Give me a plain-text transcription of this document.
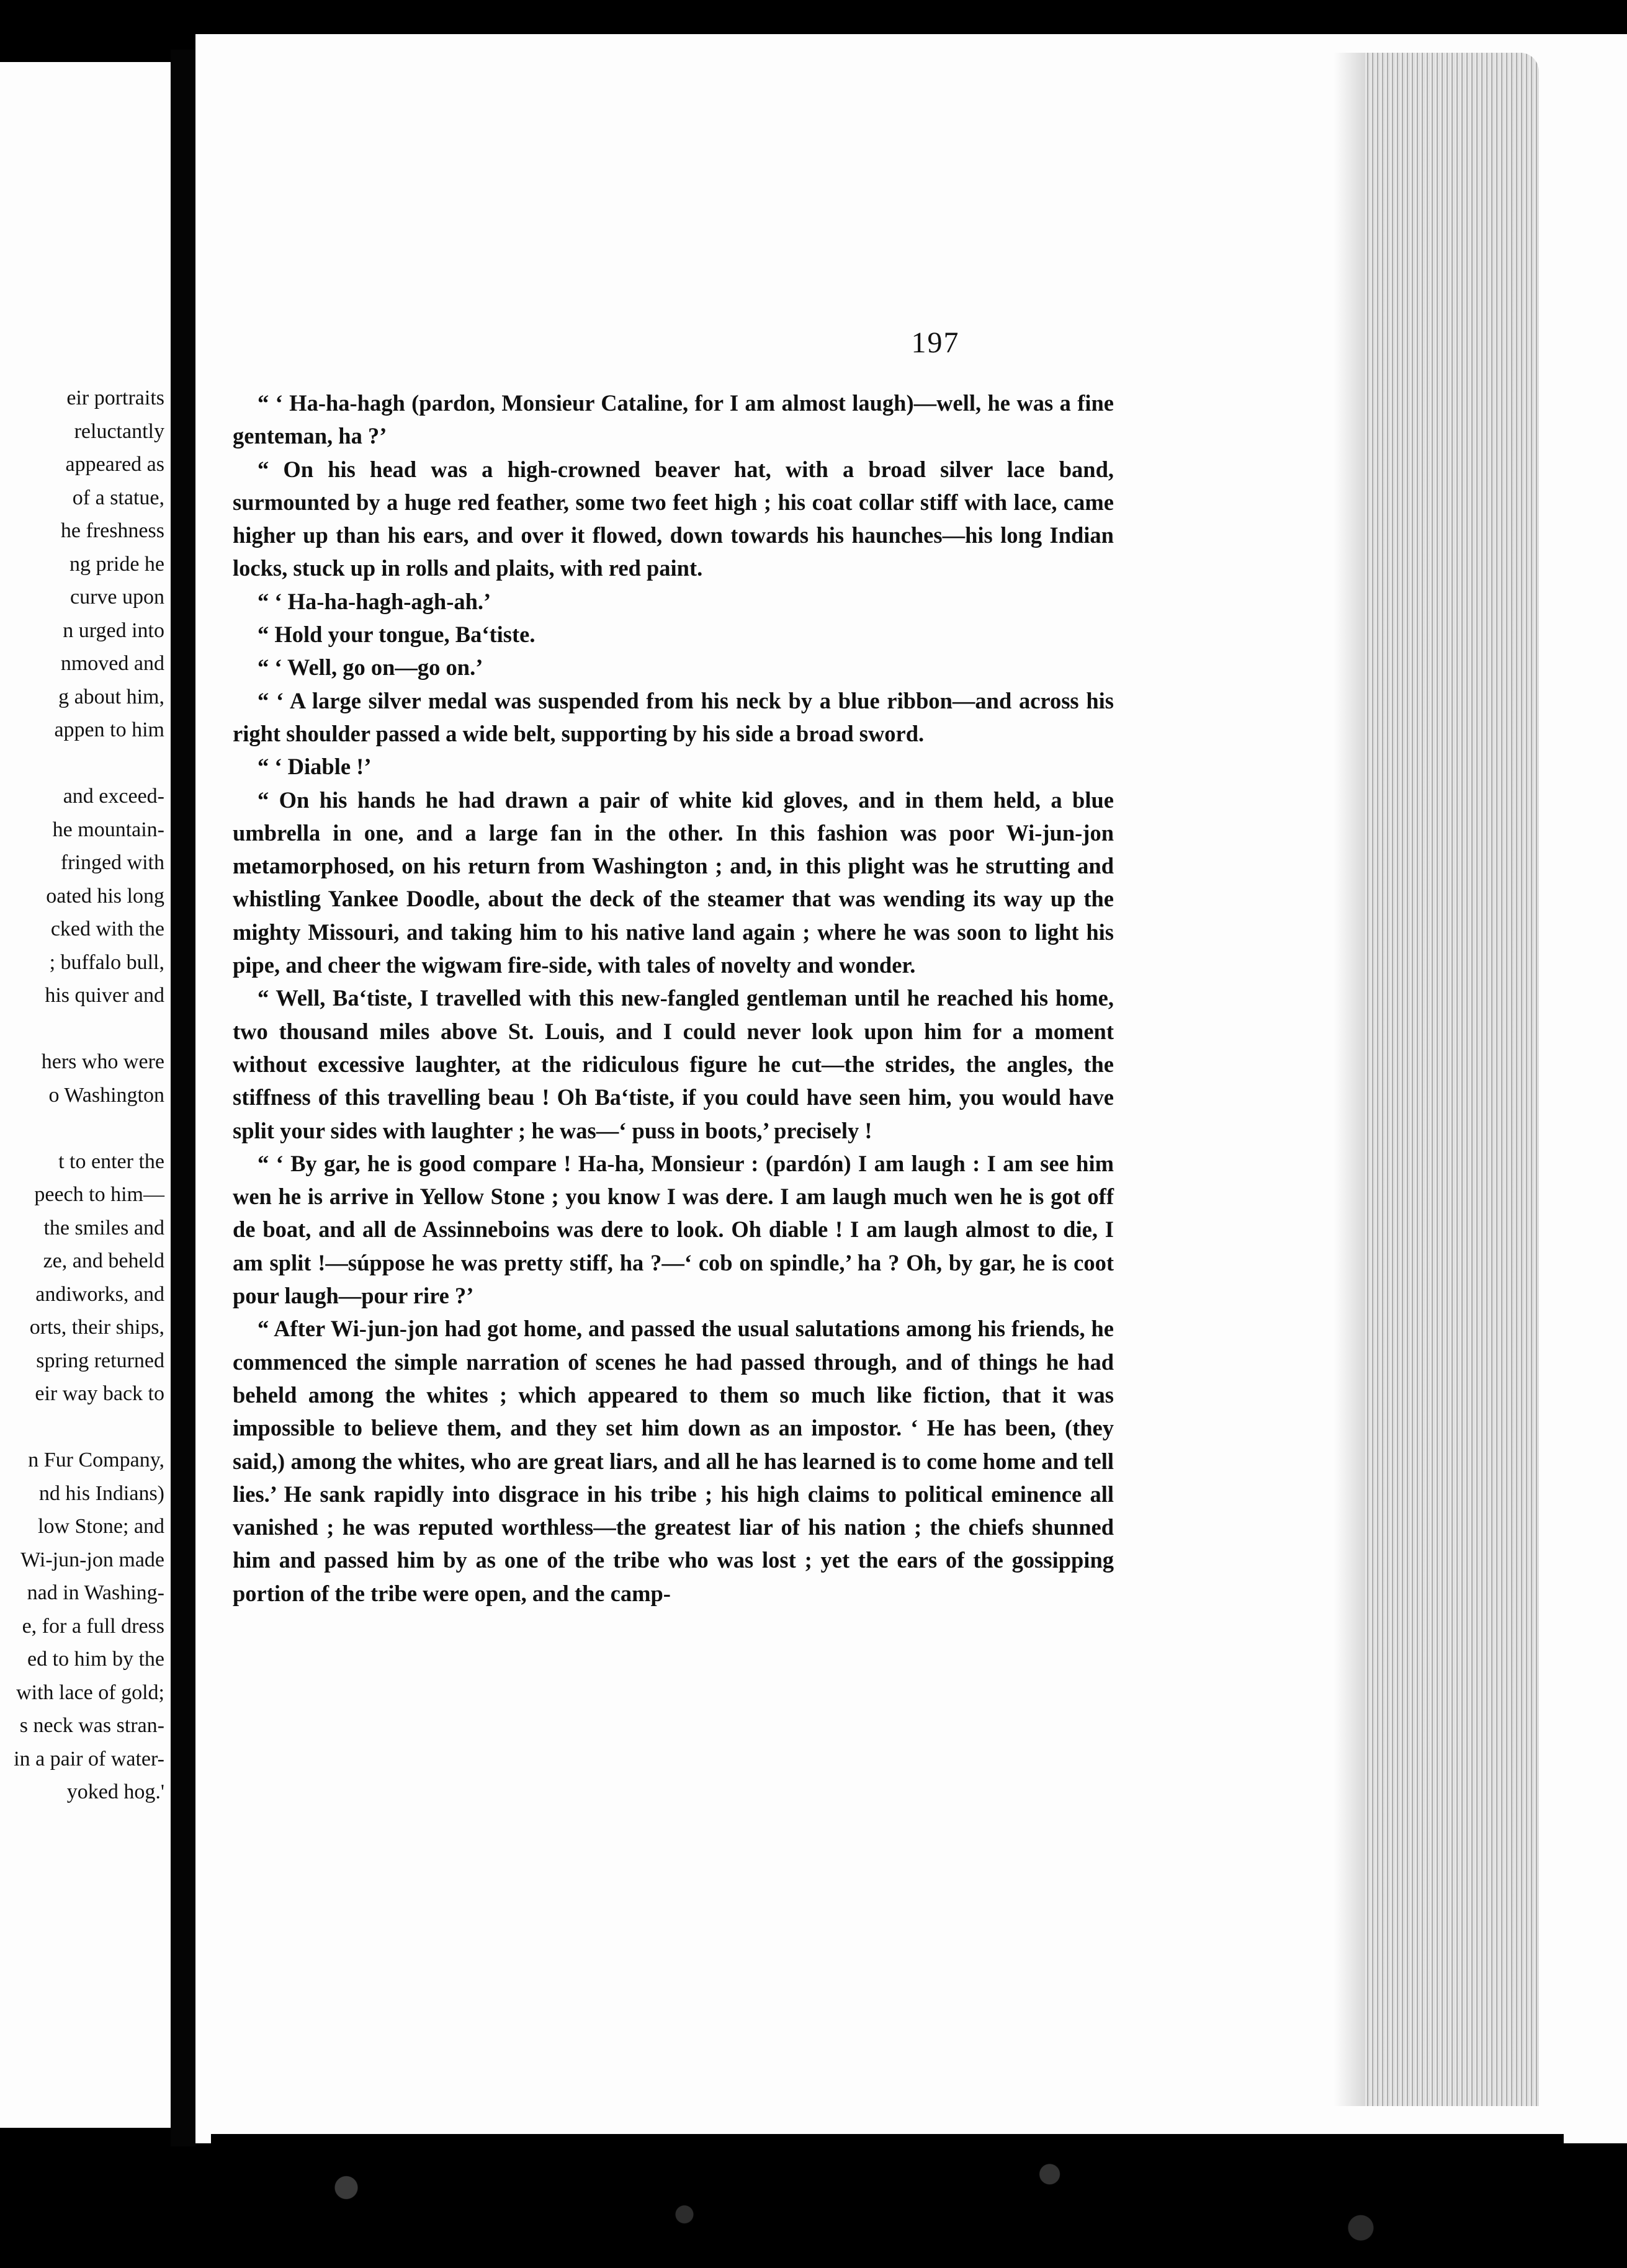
eir portraits
reluctantly
appeared as
of a statue,
he freshness
ng pride he
curve upon
n urged into
nmoved and
g about him,
appen to him
and exceed-
he mountain-
fringed with
oated his long
cked with the
; buffalo bull,
his quiver and
hers who were
o Washington
t to enter the
peech to him—
the smiles and
ze, and beheld
andiworks, and
orts, their ships,
spring returned
eir way back to
n Fur Company,
nd his Indians)
low Stone; and
Wi-jun-jon made
nad in Washing-
e, for a full dress
ed to him by the
with lace of gold;
s neck was stran-
in a pair of water-
yoked hog.'
197

“ ‘ Ha-ha-hagh (pardon, Monsieur Cataline, for I am almost laugh)—well, he was a fine genteman, ha ?’

“ On his head was a high-crowned beaver hat, with a broad silver lace band, surmounted by a huge red feather, some two feet high ; his coat collar stiff with lace, came higher up than his ears, and over it flowed, down towards his haunches—his long Indian locks, stuck up in rolls and plaits, with red paint.

“ ‘ Ha-ha-hagh-agh-ah.’

“ Hold your tongue, Ba‘tiste.

“ ‘ Well, go on—go on.’

“ ‘ A large silver medal was suspended from his neck by a blue ribbon—and across his right shoulder passed a wide belt, supporting by his side a broad sword.

“ ‘ Diable !’

“ On his hands he had drawn a pair of white kid gloves, and in them held, a blue umbrella in one, and a large fan in the other. In this fashion was poor Wi-jun-jon metamorphosed, on his return from Washington ; and, in this plight was he strutting and whistling Yankee Doodle, about the deck of the steamer that was wending its way up the mighty Missouri, and taking him to his native land again ; where he was soon to light his pipe, and cheer the wigwam fire-side, with tales of novelty and wonder.

“ Well, Ba‘tiste, I travelled with this new-fangled gentleman until he reached his home, two thousand miles above St. Louis, and I could never look upon him for a moment without excessive laughter, at the ridiculous figure he cut—the strides, the angles, the stiffness of this travelling beau ! Oh Ba‘tiste, if you could have seen him, you would have split your sides with laughter ; he was—‘ puss in boots,’ precisely !

“ ‘ By gar, he is good compare ! Ha-ha, Monsieur : (pardón) I am laugh : I am see him wen he is arrive in Yellow Stone ; you know I was dere. I am laugh much wen he is got off de boat, and all de Assinneboins was dere to look. Oh diable ! I am laugh almost to die, I am split !—súppose he was pretty stiff, ha ?—‘ cob on spindle,’ ha ? Oh, by gar, he is coot pour laugh—pour rire ?’

“ After Wi-jun-jon had got home, and passed the usual salutations among his friends, he commenced the simple narration of scenes he had passed through, and of things he had beheld among the whites ; which appeared to them so much like fiction, that it was impossible to believe them, and they set him down as an impostor. ‘ He has been, (they said,) among the whites, who are great liars, and all he has learned is to come home and tell lies.’ He sank rapidly into disgrace in his tribe ; his high claims to political eminence all vanished ; he was reputed worthless—the greatest liar of his nation ; the chiefs shunned him and passed him by as one of the tribe who was lost ; yet the ears of the gossipping portion of the tribe were open, and the camp-
